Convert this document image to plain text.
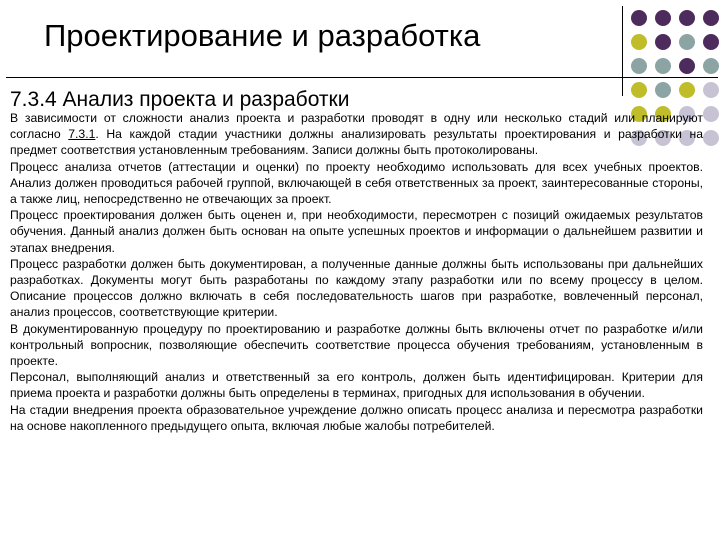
Проектирование и разработка
7.3.4 Анализ проекта и разработки

В зависимости от сложности анализ проекта и разработки проводят в одну или несколько стадий или планируют согласно 7.3.1. На каждой стадии участники должны анализировать результаты проектирования и разработки на предмет соответствия установленным требованиям. Записи должны быть протоколированы.

Процесс анализа отчетов (аттестации и оценки) по проекту необходимо использовать для всех учебных проектов. Анализ должен проводиться рабочей группой, включающей в себя ответственных за проект, заинтересованные стороны, а также лиц, непосредственно не отвечающих за проект.

Процесс проектирования должен быть оценен и, при необходимости, пересмотрен с позиций ожидаемых результатов обучения. Данный анализ должен быть основан на опыте успешных проектов и информации о дальнейшем развитии и этапах внедрения.

Процесс разработки должен быть документирован, а полученные данные должны быть использованы при дальнейших разработках. Документы могут быть разработаны по каждому этапу разработки или по всему процессу в целом. Описание процессов должно включать в себя последовательность шагов при разработке, вовлеченный персонал, анализ процессов, соответствующие критерии.

В документированную процедуру по проектированию и разработке должны быть включены отчет по разработке и/или контрольный вопросник, позволяющие обеспечить соответствие процесса обучения требованиям, установленным в проекте.

Персонал, выполняющий анализ и ответственный за его контроль, должен быть идентифицирован. Критерии для приема проекта и разработки должны быть определены в терминах, пригодных для использования в обучении.

На стадии внедрения проекта образовательное учреждение должно описать процесс анализа и пересмотра разработки на основе накопленного предыдущего опыта, включая любые жалобы потребителей.
